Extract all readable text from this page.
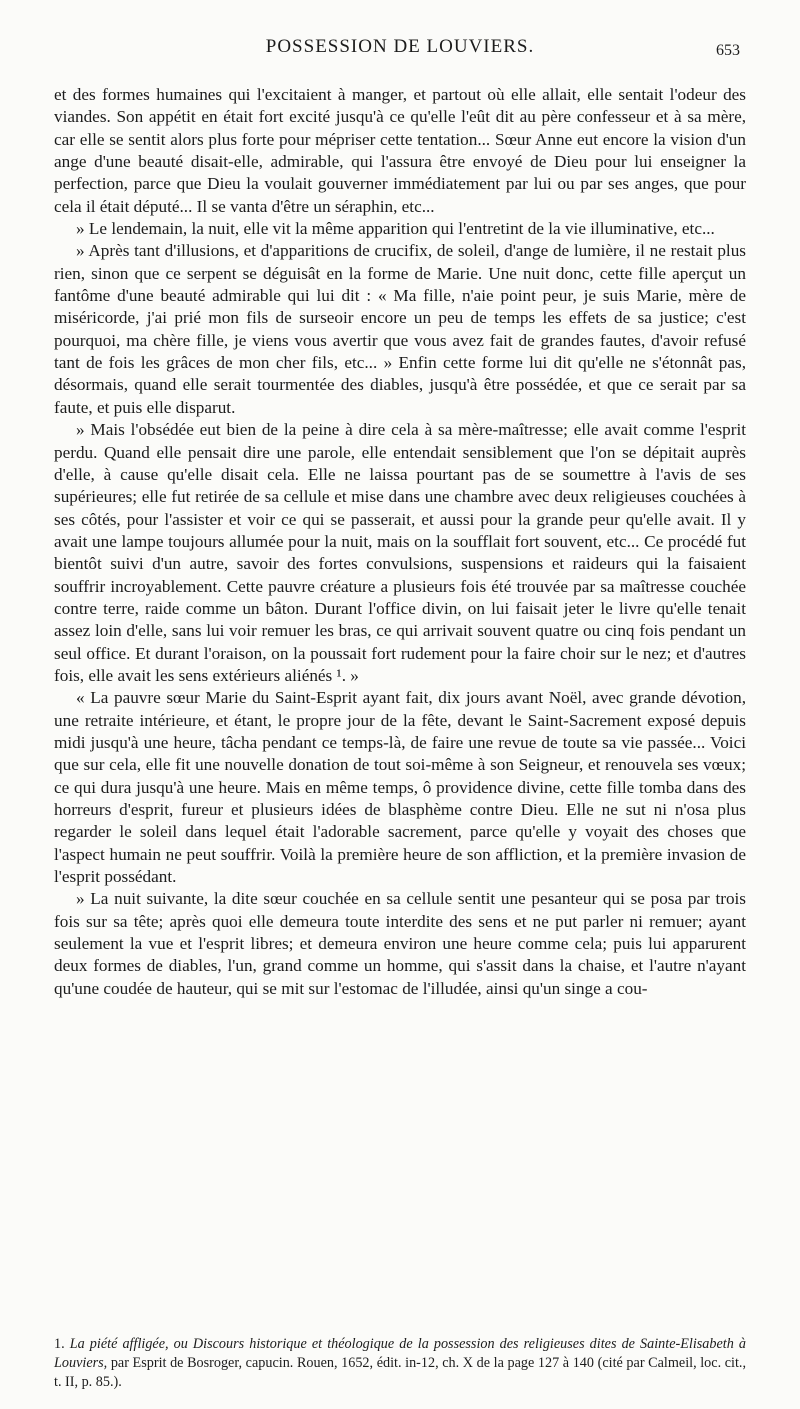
POSSESSION DE LOUVIERS.	653

et des formes humaines qui l'excitaient à manger, et partout où elle allait, elle sentait l'odeur des viandes. Son appétit en était fort excité jusqu'à ce qu'elle l'eût dit au père confesseur et à sa mère, car elle se sentit alors plus forte pour mépriser cette tentation... Sœur Anne eut encore la vision d'un ange d'une beauté disait-elle, admirable, qui l'assura être envoyé de Dieu pour lui enseigner la perfection, parce que Dieu la voulait gouverner immédiatement par lui ou par ses anges, que pour cela il était député... Il se vanta d'être un séraphin, etc...

» Le lendemain, la nuit, elle vit la même apparition qui l'entretint de la vie illuminative, etc...

» Après tant d'illusions, et d'apparitions de crucifix, de soleil, d'ange de lumière, il ne restait plus rien, sinon que ce serpent se déguisât en la forme de Marie. Une nuit donc, cette fille aperçut un fantôme d'une beauté admirable qui lui dit : « Ma fille, n'aie point peur, je suis Marie, mère de miséricorde, j'ai prié mon fils de surseoir encore un peu de temps les effets de sa justice; c'est pourquoi, ma chère fille, je viens vous avertir que vous avez fait de grandes fautes, d'avoir refusé tant de fois les grâces de mon cher fils, etc... » Enfin cette forme lui dit qu'elle ne s'étonnât pas, désormais, quand elle serait tourmentée des diables, jusqu'à être possédée, et que ce serait par sa faute, et puis elle disparut.

» Mais l'obsédée eut bien de la peine à dire cela à sa mère-maîtresse; elle avait comme l'esprit perdu. Quand elle pensait dire une parole, elle entendait sensiblement que l'on se dépitait auprès d'elle, à cause qu'elle disait cela. Elle ne laissa pourtant pas de se soumettre à l'avis de ses supérieures; elle fut retirée de sa cellule et mise dans une chambre avec deux religieuses couchées à ses côtés, pour l'assister et voir ce qui se passerait, et aussi pour la grande peur qu'elle avait. Il y avait une lampe toujours allumée pour la nuit, mais on la soufflait fort souvent, etc... Ce procédé fut bientôt suivi d'un autre, savoir des fortes convulsions, suspensions et raideurs qui la faisaient souffrir incroyablement. Cette pauvre créature a plusieurs fois été trouvée par sa maîtresse couchée contre terre, raide comme un bâton. Durant l'office divin, on lui faisait jeter le livre qu'elle tenait assez loin d'elle, sans lui voir remuer les bras, ce qui arrivait souvent quatre ou cinq fois pendant un seul office. Et durant l'oraison, on la poussait fort rudement pour la faire choir sur le nez; et d'autres fois, elle avait les sens extérieurs aliénés ¹. »

« La pauvre sœur Marie du Saint-Esprit ayant fait, dix jours avant Noël, avec grande dévotion, une retraite intérieure, et étant, le propre jour de la fête, devant le Saint-Sacrement exposé depuis midi jusqu'à une heure, tâcha pendant ce temps-là, de faire une revue de toute sa vie passée... Voici que sur cela, elle fit une nouvelle donation de tout soi-même à son Seigneur, et renouvela ses vœux; ce qui dura jusqu'à une heure. Mais en même temps, ô providence divine, cette fille tomba dans des horreurs d'esprit, fureur et plusieurs idées de blasphème contre Dieu. Elle ne sut ni n'osa plus regarder le soleil dans lequel était l'adorable sacrement, parce qu'elle y voyait des choses que l'aspect humain ne peut souffrir. Voilà la première heure de son affliction, et la première invasion de l'esprit possédant.

» La nuit suivante, la dite sœur couchée en sa cellule sentit une pesanteur qui se posa par trois fois sur sa tête; après quoi elle demeura toute interdite des sens et ne put parler ni remuer; ayant seulement la vue et l'esprit libres; et demeura environ une heure comme cela; puis lui apparurent deux formes de diables, l'un, grand comme un homme, qui s'assit dans la chaise, et l'autre n'ayant qu'une coudée de hauteur, qui se mit sur l'estomac de l'illudée, ainsi qu'un singe a cou-

1. La piété affligée, ou Discours historique et théologique de la possession des religieuses dites de Sainte-Elisabeth à Louviers, par Esprit de Bosroger, capucin. Rouen, 1652, édit. in-12, ch. X de la page 127 à 140 (cité par Calmeil, loc. cit., t. II, p. 85.).
